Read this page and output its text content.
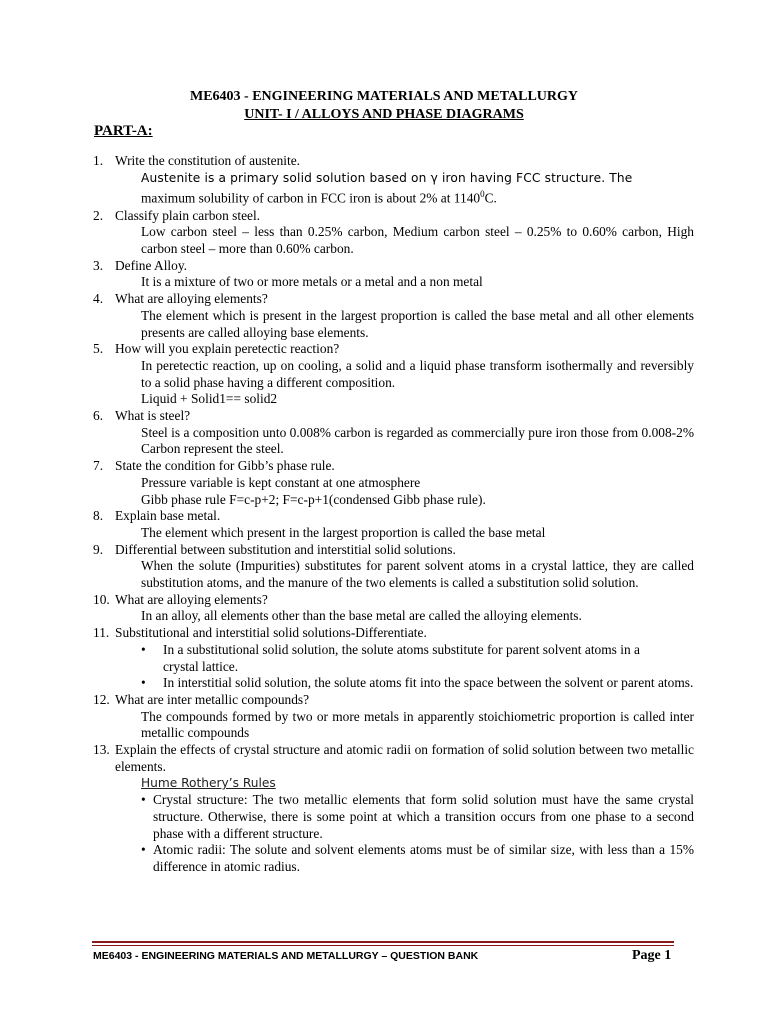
ME6403 - ENGINEERING MATERIALS AND METALLURGY
UNIT- I / ALLOYS AND PHASE DIAGRAMS
PART-A:
1. Write the constitution of austenite.
Austenite is a primary solid solution based on γ iron having FCC structure. The
maximum solubility of carbon in FCC iron is about 2% at 1140$^0$C.
2. Classify plain carbon steel.
Low carbon steel – less than 0.25% carbon, Medium carbon steel – 0.25% to 0.60% carbon, High carbon steel – more than 0.60% carbon.
3. Define Alloy.
It is a mixture of two or more metals or a metal and a non metal
4. What are alloying elements?
The element which is present in the largest proportion is called the base metal and all other elements presents are called alloying base elements.
5. How will you explain peretectic reaction?
In peretectic reaction, up on cooling, a solid and a liquid phase transform isothermally and reversibly to a solid phase having a different composition.
Liquid + Solid1== solid2
6. What is steel?
Steel is a composition unto 0.008% carbon is regarded as commercially pure iron those from 0.008-2% Carbon represent the steel.
7. State the condition for Gibb’s phase rule.
Pressure variable is kept constant at one atmosphere
Gibb phase rule F=c-p+2; F=c-p+1(condensed Gibb phase rule).
8. Explain base metal.
The element which present in the largest proportion is called the base metal
9. Differential between substitution and interstitial solid solutions.
When the solute (Impurities) substitutes for parent solvent atoms in a crystal lattice, they are called substitution atoms, and the manure of the two elements is called a substitution solid solution.
10. What are alloying elements?
In an alloy, all elements other than the base metal are called the alloying elements.
11. Substitutional and interstitial solid solutions-Differentiate.
• In a substitutional solid solution, the solute atoms substitute for parent solvent atoms in acrystal lattice.
• In interstitial solid solution, the solute atoms fit into the space between the solvent or parent atoms.
12. What are inter metallic compounds?
The compounds formed by two or more metals in apparently stoichiometric proportion is called inter metallic compounds
13. Explain the effects of crystal structure and atomic radii on formation of solid solution between two metallic elements.
Hume Rothery’s Rules
• Crystal structure: The two metallic elements that form solid solution must have the same crystal structure. Otherwise, there is some point at which a transition occurs from one phase to a second phase with a different structure.
• Atomic radii: The solute and solvent elements atoms must be of similar size, with less than a 15% difference in atomic radius.
ME6403 - ENGINEERING MATERIALS AND METALLURGY – QUESTION BANK	Page 1
